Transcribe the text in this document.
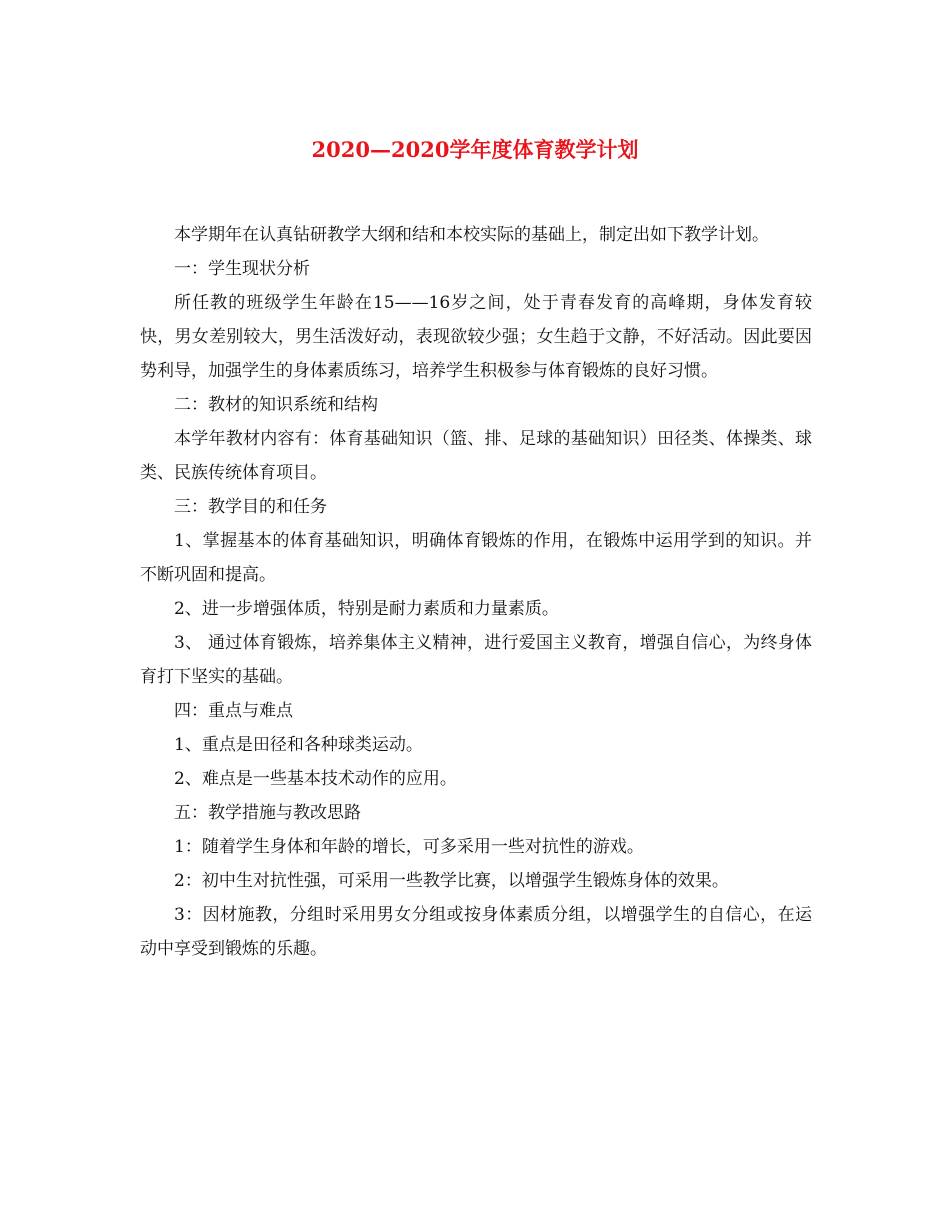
2020—2020学年度体育教学计划

本学期年在认真钻研教学大纲和结和本校实际的基础上，制定出如下教学计划。

一：学生现状分析

所任教的班级学生年龄在15——16岁之间，处于青春发育的高峰期，身体发育较快，男女差别较大，男生活泼好动，表现欲较少强；女生趋于文静，不好活动。因此要因势利导，加强学生的身体素质练习，培养学生积极参与体育锻炼的良好习惯。

二：教材的知识系统和结构

本学年教材内容有：体育基础知识（篮、排、足球的基础知识）田径类、体操类、球类、民族传统体育项目。

三：教学目的和任务

1、掌握基本的体育基础知识，明确体育锻炼的作用，在锻炼中运用学到的知识。并不断巩固和提高。

2、进一步增强体质，特别是耐力素质和力量素质。

3、 通过体育锻炼，培养集体主义精神，进行爱国主义教育，增强自信心，为终身体育打下坚实的基础。

四：重点与难点

1、重点是田径和各种球类运动。

2、难点是一些基本技术动作的应用。

五：教学措施与教改思路

1：随着学生身体和年龄的增长，可多采用一些对抗性的游戏。

2：初中生对抗性强，可采用一些教学比赛，以增强学生锻炼身体的效果。

3：因材施教，分组时采用男女分组或按身体素质分组，以增强学生的自信心，在运动中享受到锻炼的乐趣。
